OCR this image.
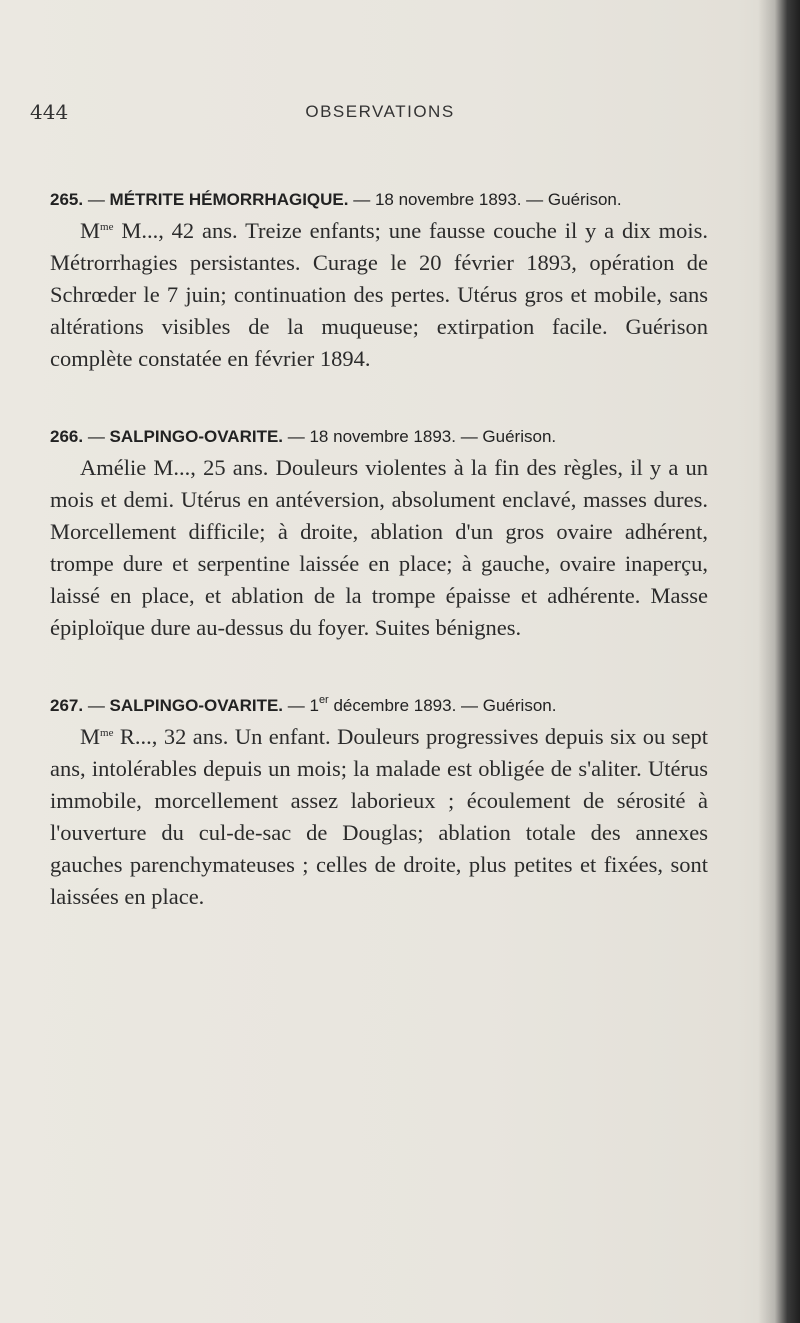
444	OBSERVATIONS
265. — MÉTRITE HÉMORRHAGIQUE. — 18 novembre 1893. — Guérison.
$M^{me}$ M..., 42 ans. Treize enfants; une fausse couche il y a dix mois. Métrorrhagies persistantes. Curage le 20 février 1893, opération de Schrœder le 7 juin; continuation des pertes. Utérus gros et mobile, sans altérations visibles de la muqueuse; extirpation facile. Guérison complète constatée en février 1894.
266. — SALPINGO-OVARITE. — 18 novembre 1893. — Guérison.
Amélie M..., 25 ans. Douleurs violentes à la fin des règles, il y a un mois et demi. Utérus en antéversion, absolument enclavé, masses dures. Morcellement difficile; à droite, ablation d'un gros ovaire adhérent, trompe dure et serpentine laissée en place; à gauche, ovaire inaperçu, laissé en place, et ablation de la trompe épaisse et adhérente. Masse épiploïque dure au-dessus du foyer. Suites bénignes.
267. — SALPINGO-OVARITE. — 1er décembre 1893. — Guérison.
$M^{me}$ R..., 32 ans. Un enfant. Douleurs progressives depuis six ou sept ans, intolérables depuis un mois; la malade est obligée de s'aliter. Utérus immobile, morcellement assez laborieux ; écoulement de sérosité à l'ouverture du cul-de-sac de Douglas; ablation totale des annexes gauches parenchymateuses ; celles de droite, plus petites et fixées, sont laissées en place.
